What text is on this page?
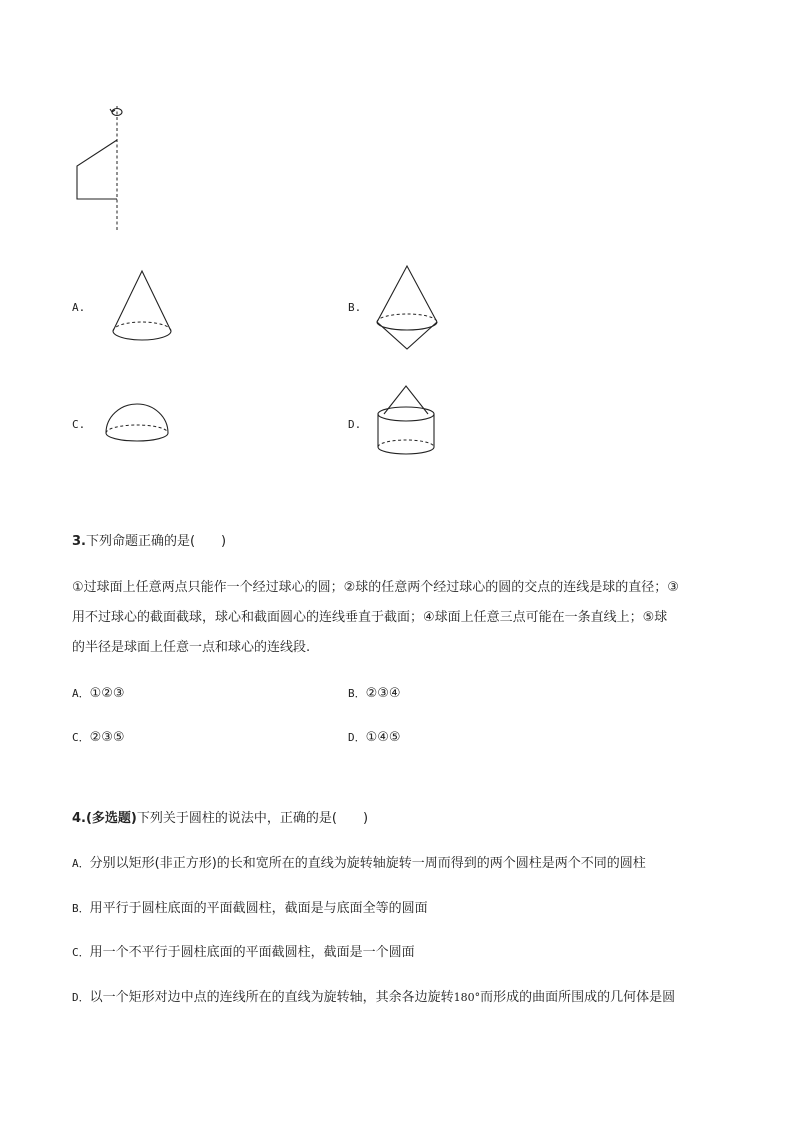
A.	B.
C.	D.
3.下列命题正确的是(　　)
①过球面上任意两点只能作一个经过球心的圆；②球的任意两个经过球心的圆的交点的连线是球的直径；③
用不过球心的截面截球，球心和截面圆心的连线垂直于截面；④球面上任意三点可能在一条直线上；⑤球
的半径是球面上任意一点和球心的连线段.
A．①②③	B．②③④
C．②③⑤	D．①④⑤
4.(多选题)下列关于圆柱的说法中，正确的是(　　)
A．分别以矩形(非正方形)的长和宽所在的直线为旋转轴旋转一周而得到的两个圆柱是两个不同的圆柱
B．用平行于圆柱底面的平面截圆柱，截面是与底面全等的圆面
C．用一个不平行于圆柱底面的平面截圆柱，截面是一个圆面
D．以一个矩形对边中点的连线所在的直线为旋转轴，其余各边旋转180°而形成的曲面所围成的几何体是圆
